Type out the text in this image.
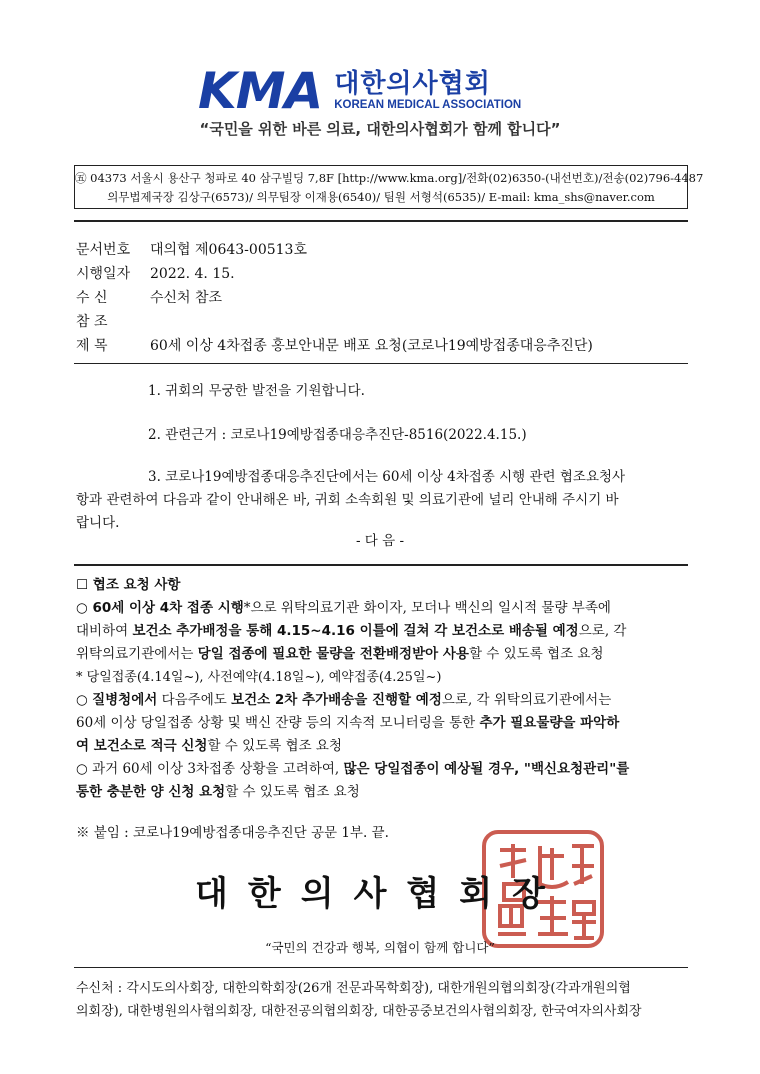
KMA 대한의사협회
KOREAN MEDICAL ASSOCIATION
“국민을 위한 바른 의료, 대한의사협회가 함께 합니다”
㊄ 04373 서울시 용산구 청파로 40 삼구빌딩 7,8F [http://www.kma.org]/전화(02)6350-(내선번호)/전송(02)796-4487
의무법제국장 김상구(6573)/ 의무팀장 이재용(6540)/ 팀원 서형석(6535)/ E-mail: kma_shs@naver.com
문서번호 대의협 제0643-00513호
시행일자 2022. 4. 15.
수 신	수신처 참조
참 조
제 목	60세 이상 4차접종 홍보안내문 배포 요청(코로나19예방접종대응추진단)
1. 귀회의 무궁한 발전을 기원합니다.
2. 관련근거 : 코로나19예방접종대응추진단-8516(2022.4.15.)
3. 코로나19예방접종대응추진단에서는 60세 이상 4차접종 시행 관련 협조요청사
항과 관련하여 다음과 같이 안내해온 바, 귀회 소속회원 및 의료기관에 널리 안내해 주시기 바
랍니다.
- 다 음 -
☐ 협조 요청 사항
○ 60세 이상 4차 접종 시행*으로 위탁의료기관 화이자, 모더나 백신의 일시적 물량 부족에
대비하여 보건소 추가배정을 통해 4.15~4.16 이틀에 걸쳐 각 보건소로 배송될 예정으로, 각
위탁의료기관에서는 당일 접종에 필요한 물량을 전환배정받아 사용할 수 있도록 협조 요청
* 당일접종(4.14일~), 사전예약(4.18일~), 예약접종(4.25일~)
○ 질병청에서 다음주에도 보건소 2차 추가배송을 진행할 예정으로, 각 위탁의료기관에서는
60세 이상 당일접종 상황 및 백신 잔량 등의 지속적 모니터링을 통한 추가 필요물량을 파악하
여 보건소로 적극 신청할 수 있도록 협조 요청
○ 과거 60세 이상 3차접종 상황을 고려하여, 많은 당일접종이 예상될 경우, "백신요청관리"를
통한 충분한 양 신청 요청할 수 있도록 협조 요청
※ 붙임 : 코로나19예방접종대응추진단 공문 1부. 끝.
대한의사협회장
“국민의 건강과 행복, 의협이 함께 합니다”
수신처 : 각시도의사회장, 대한의학회장(26개 전문과목학회장), 대한개원의협의회장(각과개원의협
의회장), 대한병원의사협의회장, 대한전공의협의회장, 대한공중보건의사협의회장, 한국여자의사회장
